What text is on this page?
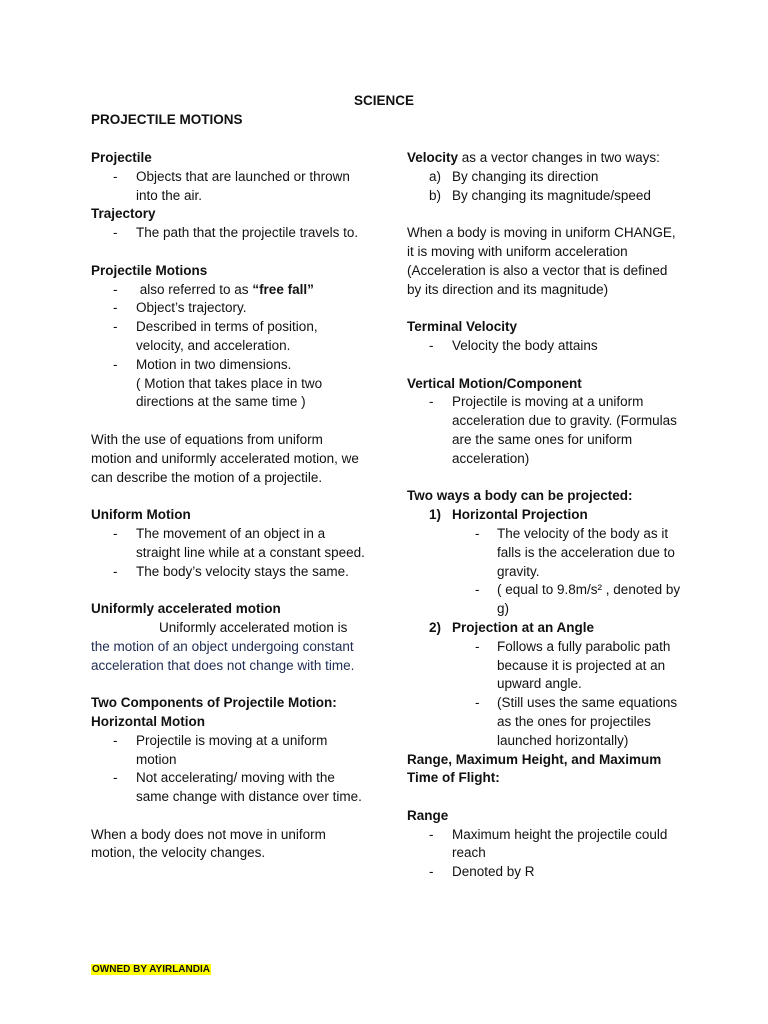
SCIENCE
PROJECTILE MOTIONS
Projectile
- Objects that are launched or thrown into the air.
Trajectory
- The path that the projectile travels to.
Projectile Motions
- also referred to as “free fall”
- Object’s trajectory.
- Described in terms of position, velocity, and acceleration.
- Motion in two dimensions.
( Motion that takes place in two directions at the same time )
With the use of equations from uniform motion and uniformly accelerated motion, we can describe the motion of a projectile.
Uniform Motion
- The movement of an object in a straight line while at a constant speed.
- The body’s velocity stays the same.
Uniformly accelerated motion
Uniformly accelerated motion is
the motion of an object undergoing constant acceleration that does not change with time.
Two Components of Projectile Motion:
Horizontal Motion
- Projectile is moving at a uniform motion
- Not accelerating/ moving with the same change with distance over time.
When a body does not move in uniform motion, the velocity changes.
Velocity as a vector changes in two ways:
a) By changing its direction
b) By changing its magnitude/speed
When a body is moving in uniform CHANGE, it is moving with uniform acceleration (Acceleration is also a vector that is defined by its direction and its magnitude)
Terminal Velocity
- Velocity the body attains
Vertical Motion/Component
- Projectile is moving at a uniform acceleration due to gravity. (Formulas are the same ones for uniform acceleration)
Two ways a body can be projected:
1) Horizontal Projection
- The velocity of the body as it falls is the acceleration due to gravity.
- ( equal to 9.8m/s² , denoted by g)
2) Projection at an Angle
- Follows a fully parabolic path because it is projected at an upward angle.
- (Still uses the same equations as the ones for projectiles launched horizontally)
Range, Maximum Height, and Maximum Time of Flight:
Range
- Maximum height the projectile could reach
- Denoted by R
OWNED BY AYIRLANDIA
